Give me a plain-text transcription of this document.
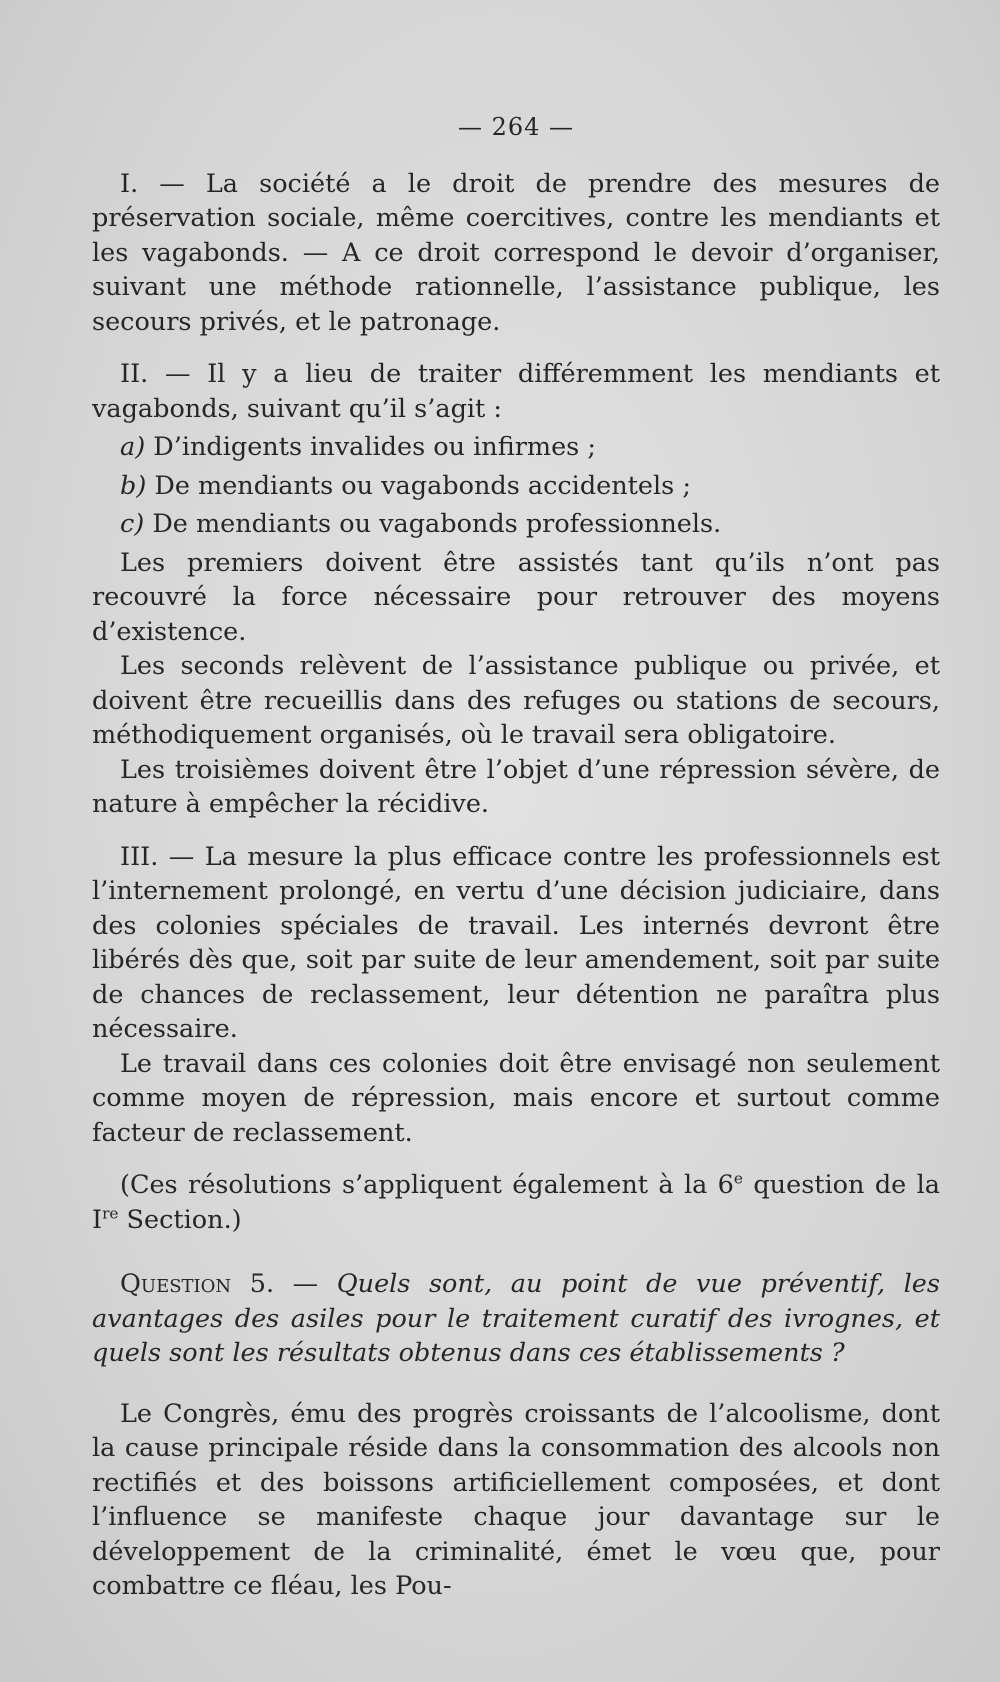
— 264 —

I. — La société a le droit de prendre des mesures de préservation sociale, même coercitives, contre les mendiants et les vagabonds. — A ce droit correspond le devoir d’organiser, suivant une méthode rationnelle, l’assistance publique, les secours privés, et le patronage.

II. — Il y a lieu de traiter différemment les mendiants et vagabonds, suivant qu’il s’agit :

a) D’indigents invalides ou infirmes ;

b) De mendiants ou vagabonds accidentels ;

c) De mendiants ou vagabonds professionnels.

Les premiers doivent être assistés tant qu’ils n’ont pas recouvré la force nécessaire pour retrouver des moyens d’existence.

Les seconds relèvent de l’assistance publique ou privée, et doivent être recueillis dans des refuges ou stations de secours, méthodiquement organisés, où le travail sera obligatoire.

Les troisièmes doivent être l’objet d’une répression sévère, de nature à empêcher la récidive.

III. — La mesure la plus efficace contre les professionnels est l’internement prolongé, en vertu d’une décision judiciaire, dans des colonies spéciales de travail. Les internés devront être libérés dès que, soit par suite de leur amendement, soit par suite de chances de reclassement, leur détention ne paraîtra plus nécessaire.

Le travail dans ces colonies doit être envisagé non seulement comme moyen de répression, mais encore et surtout comme facteur de reclassement.

(Ces résolutions s’appliquent également à la 6e question de la Ire Section.)

Question 5. — Quels sont, au point de vue préventif, les avantages des asiles pour le traitement curatif des ivrognes, et quels sont les résultats obtenus dans ces établissements ?

Le Congrès, ému des progrès croissants de l’alcoolisme, dont la cause principale réside dans la consommation des alcools non rectifiés et des boissons artificiellement composées, et dont l’influence se manifeste chaque jour davantage sur le développement de la criminalité, émet le vœu que, pour combattre ce fléau, les Pou-
